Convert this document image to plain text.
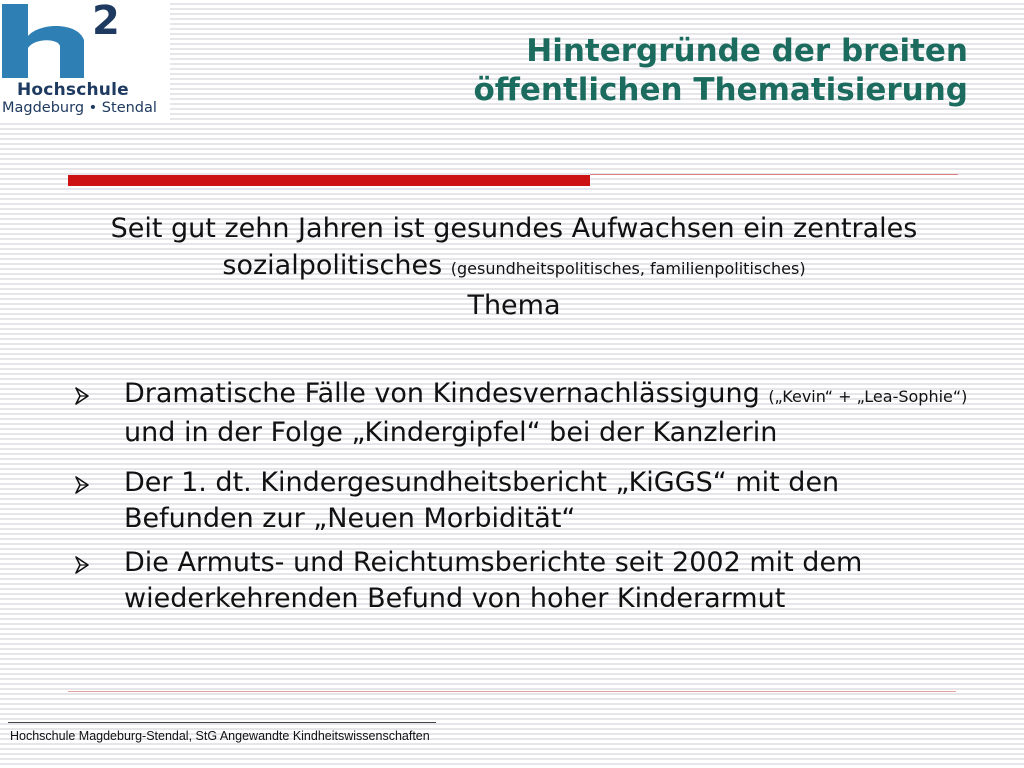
2
Hochschule
Magdeburg • Stendal
Hintergründe der breiten
öffentlichen Thematisierung

Seit gut zehn Jahren ist gesundes Aufwachsen ein zentrales sozialpolitisches (gesundheitspolitisches, familienpolitisches)
Thema

Dramatische Fälle von Kindesvernachlässigung („Kevin“ + „Lea-Sophie“) und in der Folge „Kindergipfel“ bei der Kanzlerin
Der 1. dt. Kindergesundheitsbericht „KiGGS“ mit den Befunden zur „Neuen Morbidität“
Die Armuts- und Reichtumsberichte seit 2002 mit dem wiederkehrenden Befund von hoher Kinderarmut
Hochschule Magdeburg-Stendal, StG Angewandte Kindheitswissenschaften
